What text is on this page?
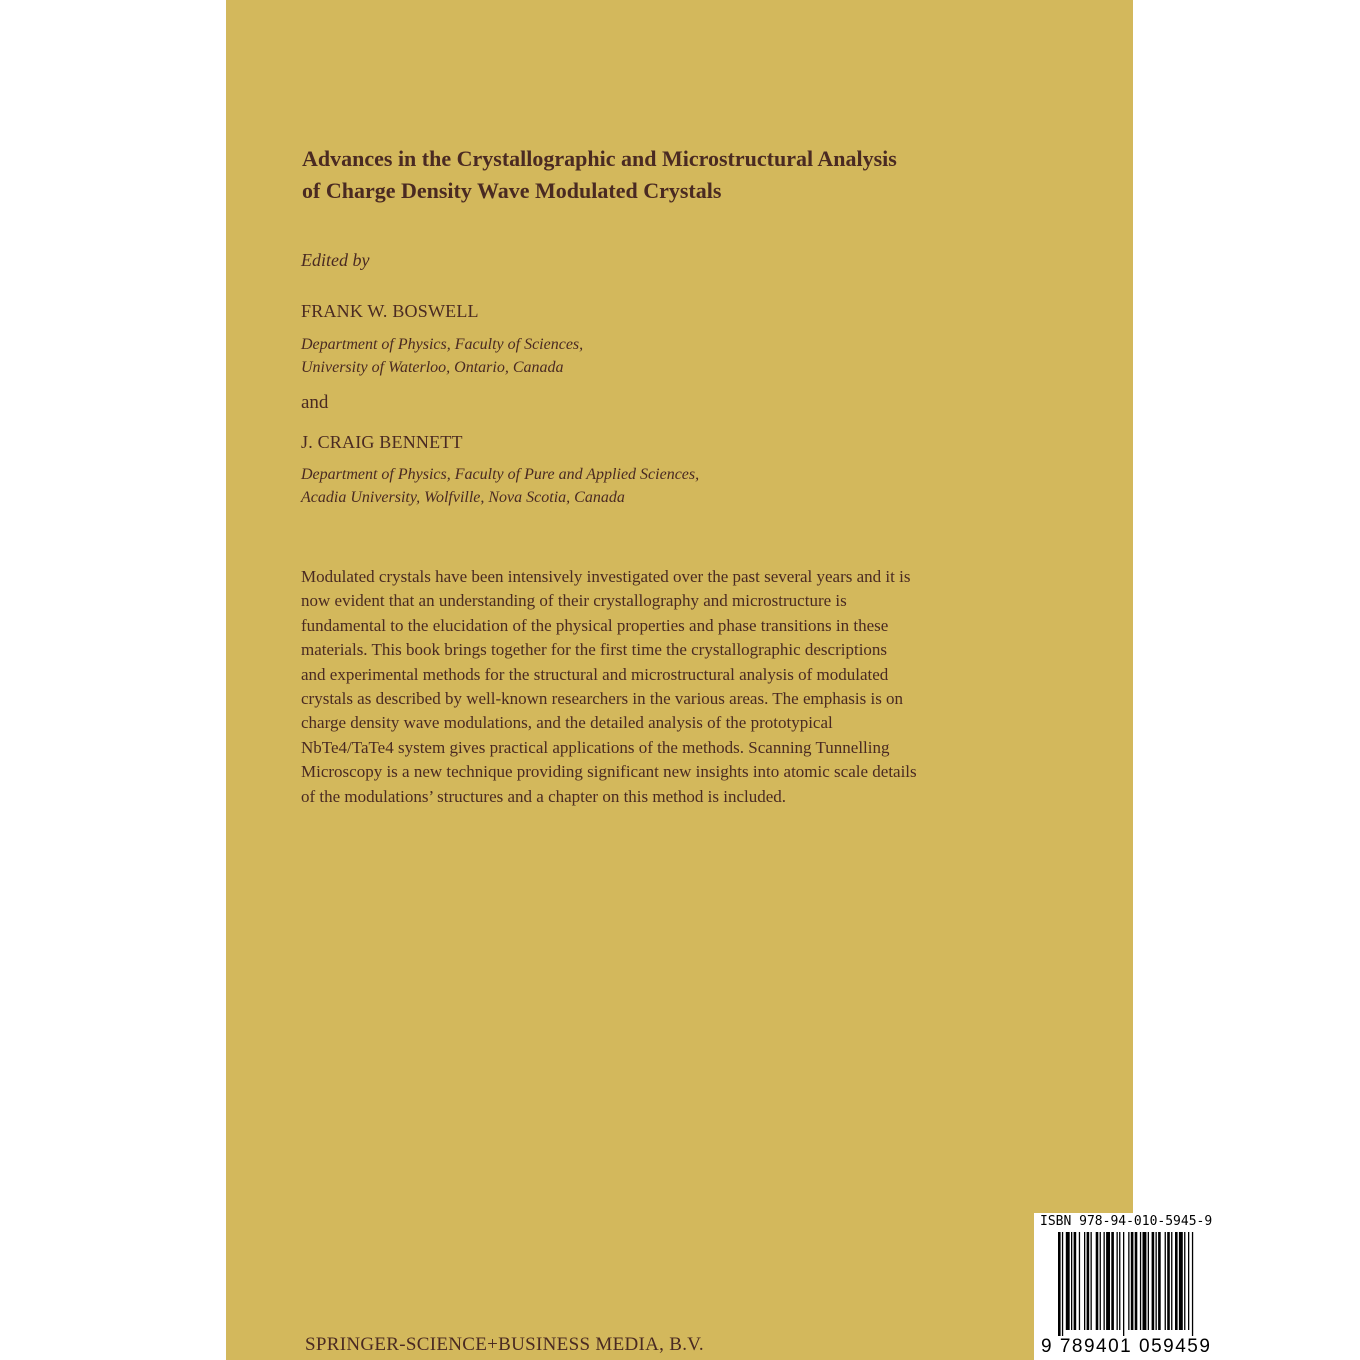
Advances in the Crystallographic and Microstructural Analysis
of Charge Density Wave Modulated Crystals
Edited by
FRANK W. BOSWELL
Department of Physics, Faculty of Sciences,
University of Waterloo, Ontario, Canada
and
J. CRAIG BENNETT
Department of Physics, Faculty of Pure and Applied Sciences,
Acadia University, Wolfville, Nova Scotia, Canada
Modulated crystals have been intensively investigated over the past several years and it is
now evident that an understanding of their crystallography and microstructure is
fundamental to the elucidation of the physical properties and phase transitions in these
materials. This book brings together for the first time the crystallographic descriptions
and experimental methods for the structural and microstructural analysis of modulated
crystals as described by well-known researchers in the various areas. The emphasis is on
charge density wave modulations, and the detailed analysis of the prototypical
NbTe4/TaTe4 system gives practical applications of the methods. Scanning Tunnelling
Microscopy is a new technique providing significant new insights into atomic scale details
of the modulations’ structures and a chapter on this method is included.
SPRINGER-SCIENCE+BUSINESS MEDIA, B.V.
ISBN 978-94-010-5945-9
9 789401 059459
